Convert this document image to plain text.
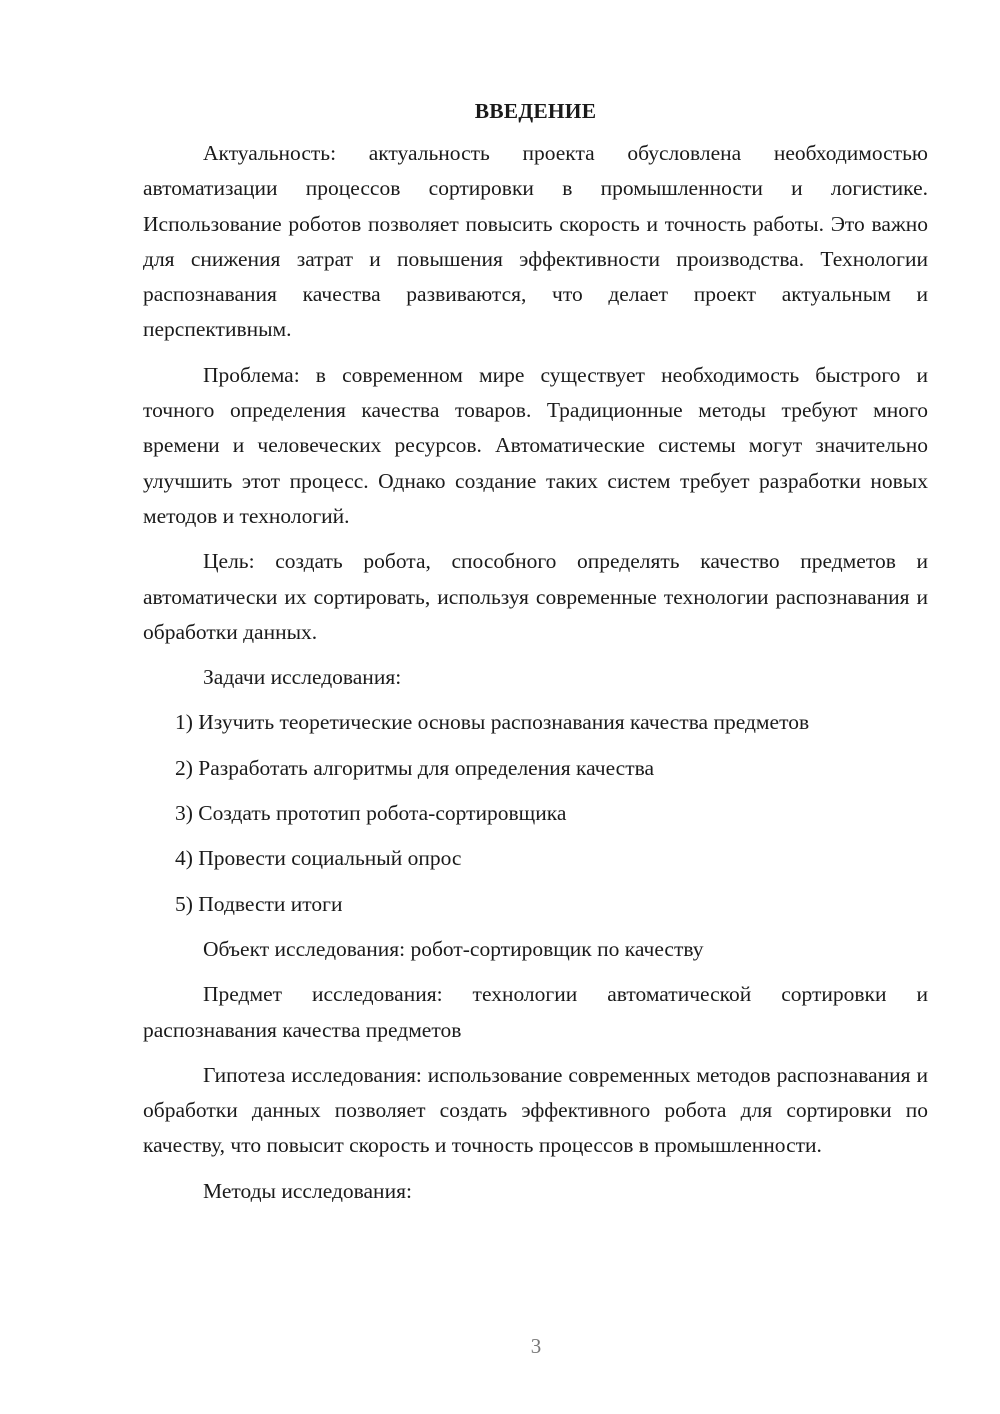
ВВЕДЕНИЕ

Актуальность: актуальность проекта обусловлена необходимостью автоматизации процессов сортировки в промышленности и логистике. Использование роботов позволяет повысить скорость и точность работы. Это важно для снижения затрат и повышения эффективности производства. Технологии распознавания качества развиваются, что делает проект актуальным и перспективным.

Проблема: в современном мире существует необходимость быстрого и точного определения качества товаров. Традиционные методы требуют много времени и человеческих ресурсов. Автоматические системы могут значительно улучшить этот процесс. Однако создание таких систем требует разработки новых методов и технологий.

Цель: создать робота, способного определять качество предметов и автоматически их сортировать, используя современные технологии распознавания и обработки данных.

Задачи исследования:
1) Изучить теоретические основы распознавания качества предметов
2) Разработать алгоритмы для определения качества
3) Создать прототип робота-сортировщика
4) Провести социальный опрос
5) Подвести итоги
Объект исследования: робот-сортировщик по качеству

Предмет исследования: технологии автоматической сортировки и распознавания качества предметов

Гипотеза исследования: использование современных методов распознавания и обработки данных позволяет создать эффективного робота для сортировки по качеству, что повысит скорость и точность процессов в промышленности.

Методы исследования:
3
